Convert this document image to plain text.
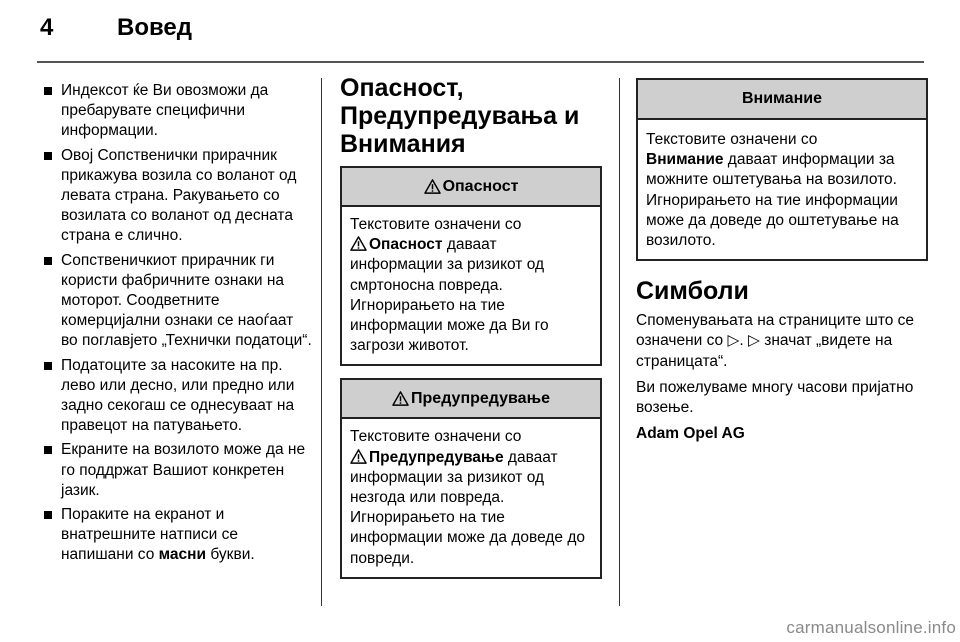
4	Вовед
Индексот ќе Ви овозможи да пребарувате специфични информации.
Овој Сопственички прирачник прикажува возила со воланот од левата страна. Ракувањето со возилата со воланот од десната страна е слично.
Сопственичкиот прирачник ги користи фабричните ознаки на моторот. Соодветните комерцијални ознаки се наоѓаат во поглавјето „Технички податоци“.
Податоците за насоките на пр. лево или десно, или предно или задно секогаш се однесуваат на правецот на патувањето.
Екраните на возилото може да не го поддржат Вашиот конкретен јазик.
Пораките на екранот и внатрешните натписи се напишани со масни букви.
Опасност, Предупредувања и Внимания
Опасност
Текстовите означени со
Опасност даваат информации за ризикот од смртоносна повреда. Игнорирањето на тие информации може да Ви го загрози животот.
Предупредување
Текстовите означени со
Предупредување даваат информации за ризикот од незгода или повреда. Игнорирањето на тие информации може да доведе до повреди.
Внимание
Текстовите означени со
Внимание даваат информации за можните оштетувања на возилото. Игнорирањето на тие информации може да доведе до оштетување на возилото.
Симболи

Споменувањата на страниците што се означени со ▷. ▷ значат „видете на страницата“.

Ви пожелуваме многу часови пријатно возење.

Adam Opel AG

carmanualsonline.info
